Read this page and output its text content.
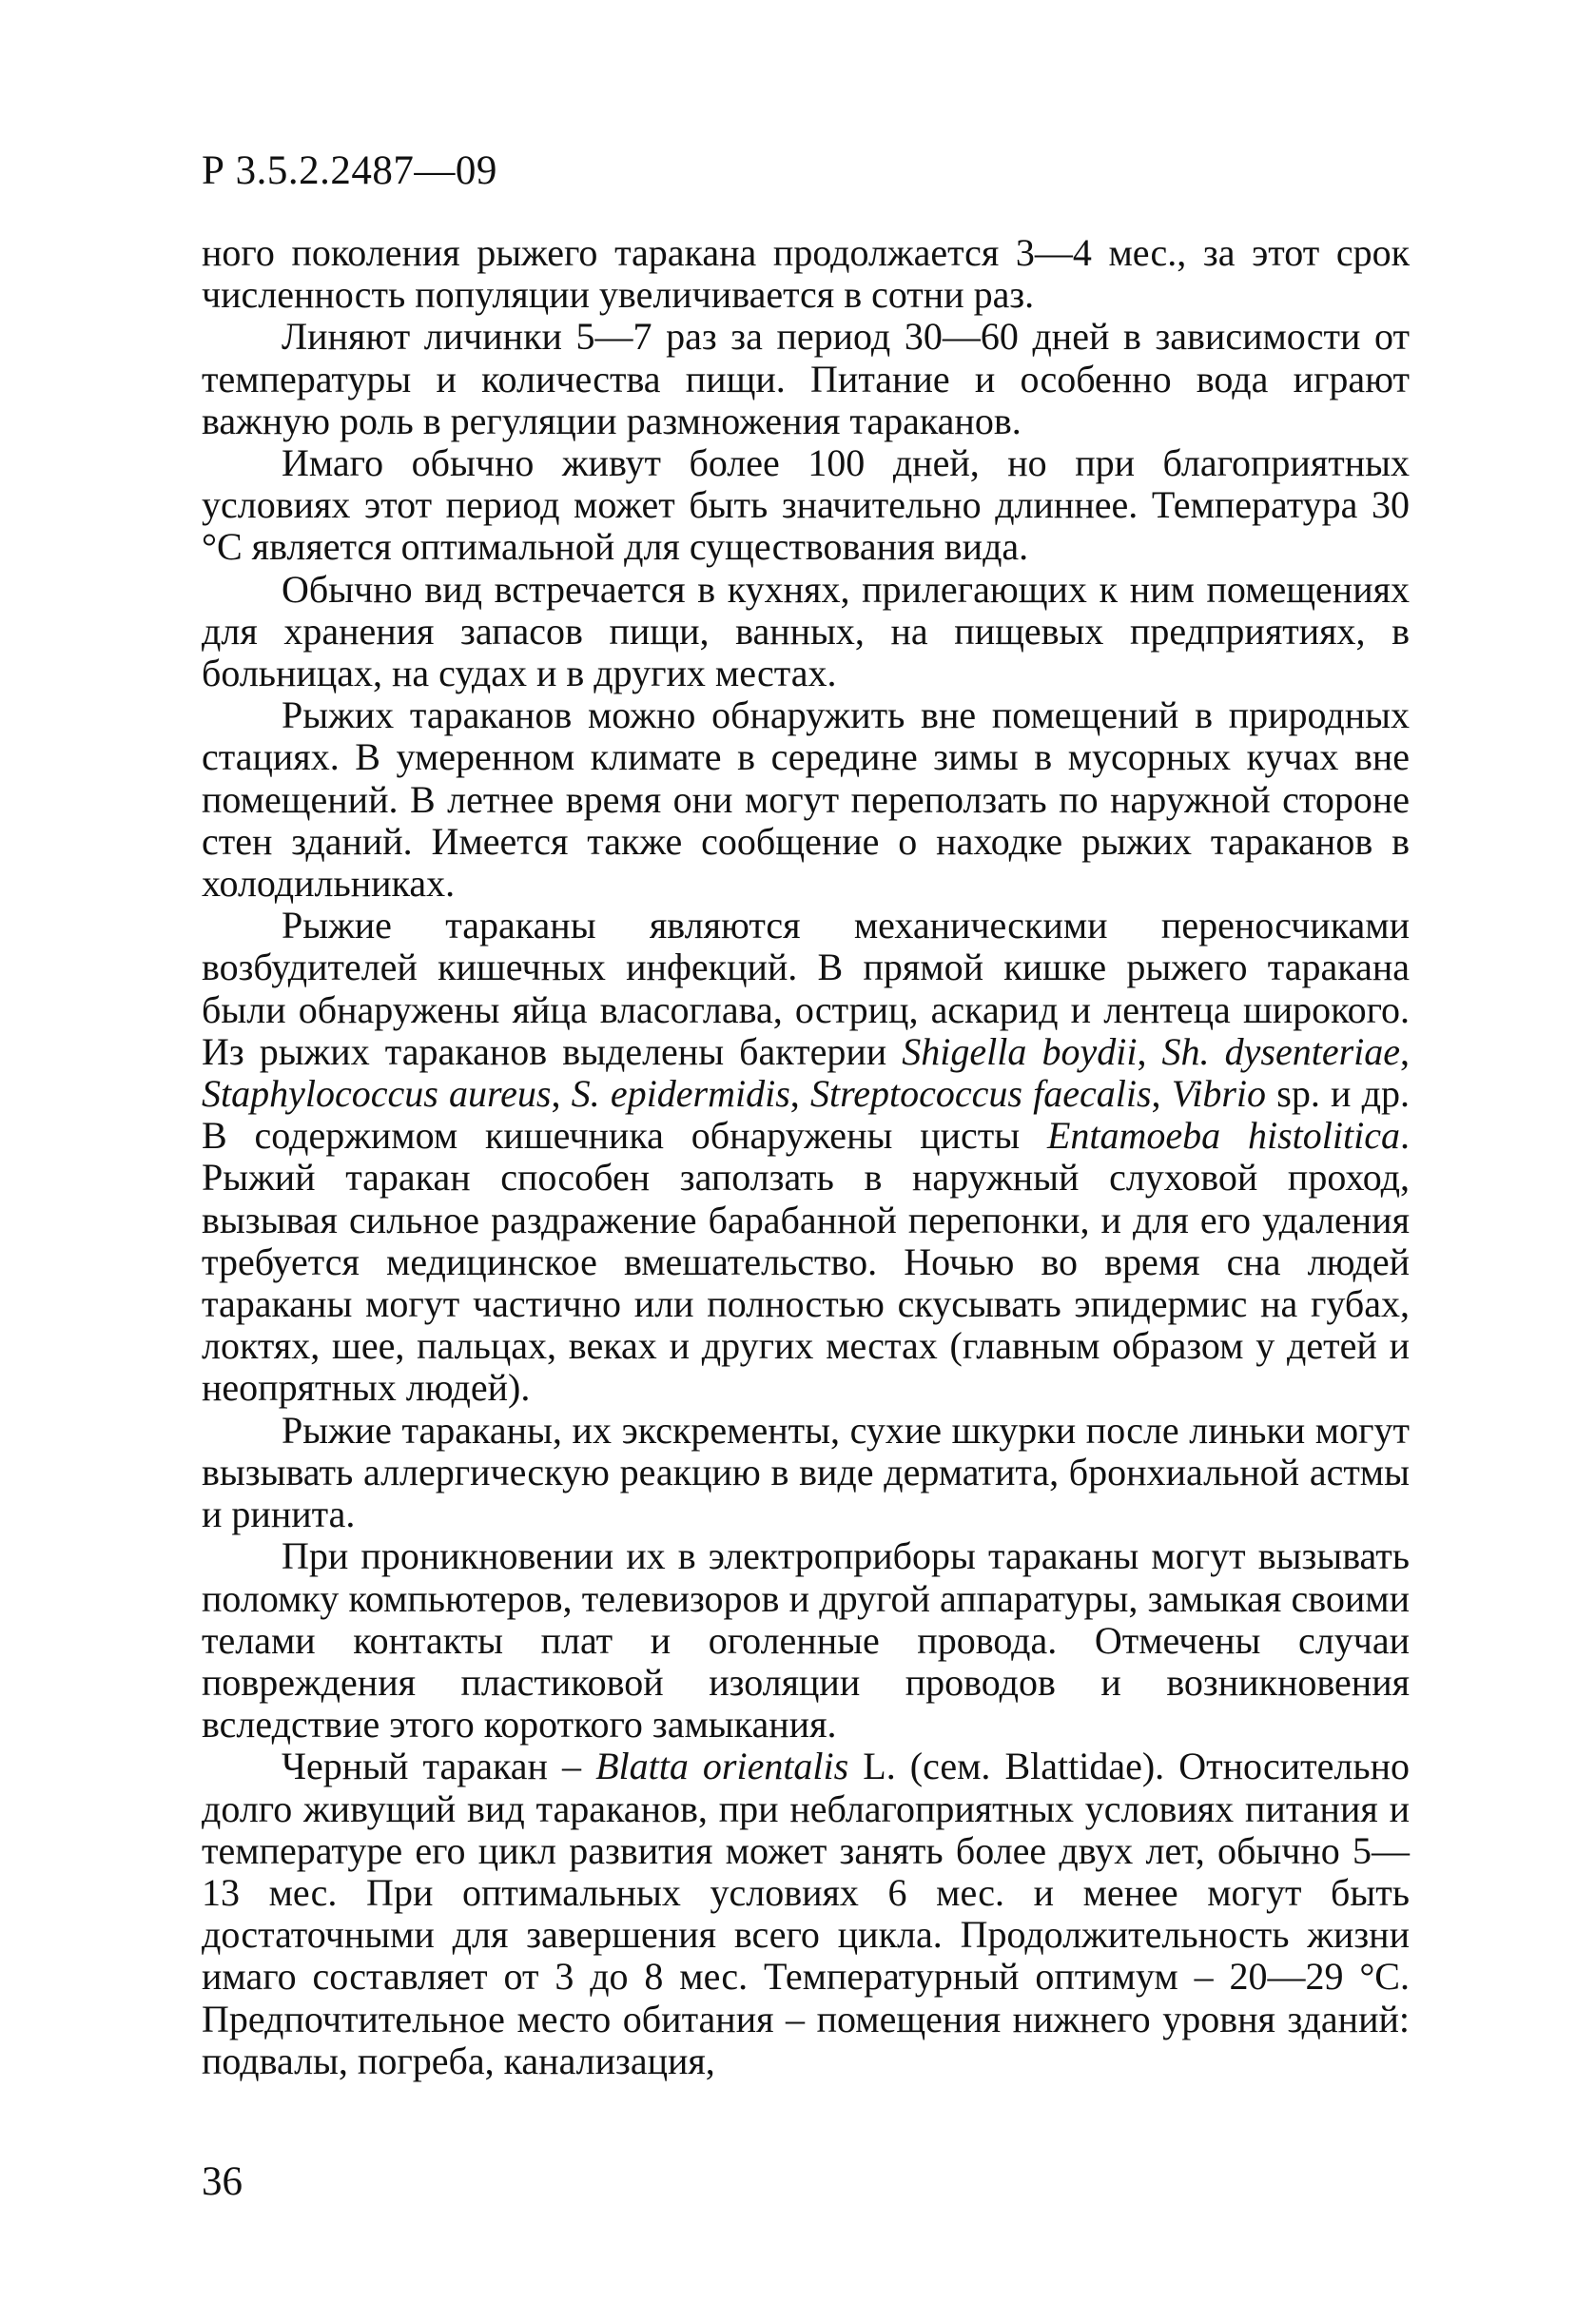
Р 3.5.2.2487—09

ного поколения рыжего таракана продолжается 3—4 мес., за этот срок численность популяции увеличивается в сотни раз.

Линяют личинки 5—7 раз за период 30—60 дней в зависимости от температуры и количества пищи. Питание и особенно вода играют важную роль в регуляции размножения тараканов.

Имаго обычно живут более 100 дней, но при благоприятных условиях этот период может быть значительно длиннее. Температура 30 °С является оптимальной для существования вида.

Обычно вид встречается в кухнях, прилегающих к ним помещениях для хранения запасов пищи, ванных, на пищевых предприятиях, в больницах, на судах и в других местах.

Рыжих тараканов можно обнаружить вне помещений в природных стациях. В умеренном климате в середине зимы в мусорных кучах вне помещений. В летнее время они могут переползать по наружной стороне стен зданий. Имеется также сообщение о находке рыжих тараканов в холодильниках.

Рыжие тараканы являются механическими переносчиками возбудителей кишечных инфекций. В прямой кишке рыжего таракана были обнаружены яйца власоглава, остриц, аскарид и лентеца широкого. Из рыжих тараканов выделены бактерии Shigella boydii, Sh. dysenteriae, Staphylococcus aureus, S. epidermidis, Streptococcus faecalis, Vibrio sp. и др. В содержимом кишечника обнаружены цисты Entamoeba histolitica. Рыжий таракан способен заползать в наружный слуховой проход, вызывая сильное раздражение барабанной перепонки, и для его удаления требуется медицинское вмешательство. Ночью во время сна людей тараканы могут частично или полностью скусывать эпидермис на губах, локтях, шее, пальцах, веках и других местах (главным образом у детей и неопрятных людей).

Рыжие тараканы, их экскременты, сухие шкурки после линьки могут вызывать аллергическую реакцию в виде дерматита, бронхиальной астмы и ринита.

При проникновении их в электроприборы тараканы могут вызывать поломку компьютеров, телевизоров и другой аппаратуры, замыкая своими телами контакты плат и оголенные провода. Отмечены случаи повреждения пластиковой изоляции проводов и возникновения вследствие этого короткого замыкания.

Черный таракан – Blatta orientalis L. (сем. Blattidae). Относительно долго живущий вид тараканов, при неблагоприятных условиях питания и температуре его цикл развития может занять более двух лет, обычно 5—13 мес. При оптимальных условиях 6 мес. и менее могут быть достаточными для завершения всего цикла. Продолжительность жизни имаго составляет от 3 до 8 мес. Температурный оптимум – 20—29 °С. Предпочтительное место обитания – помещения нижнего уровня зданий: подвалы, погреба, канализация,

36
